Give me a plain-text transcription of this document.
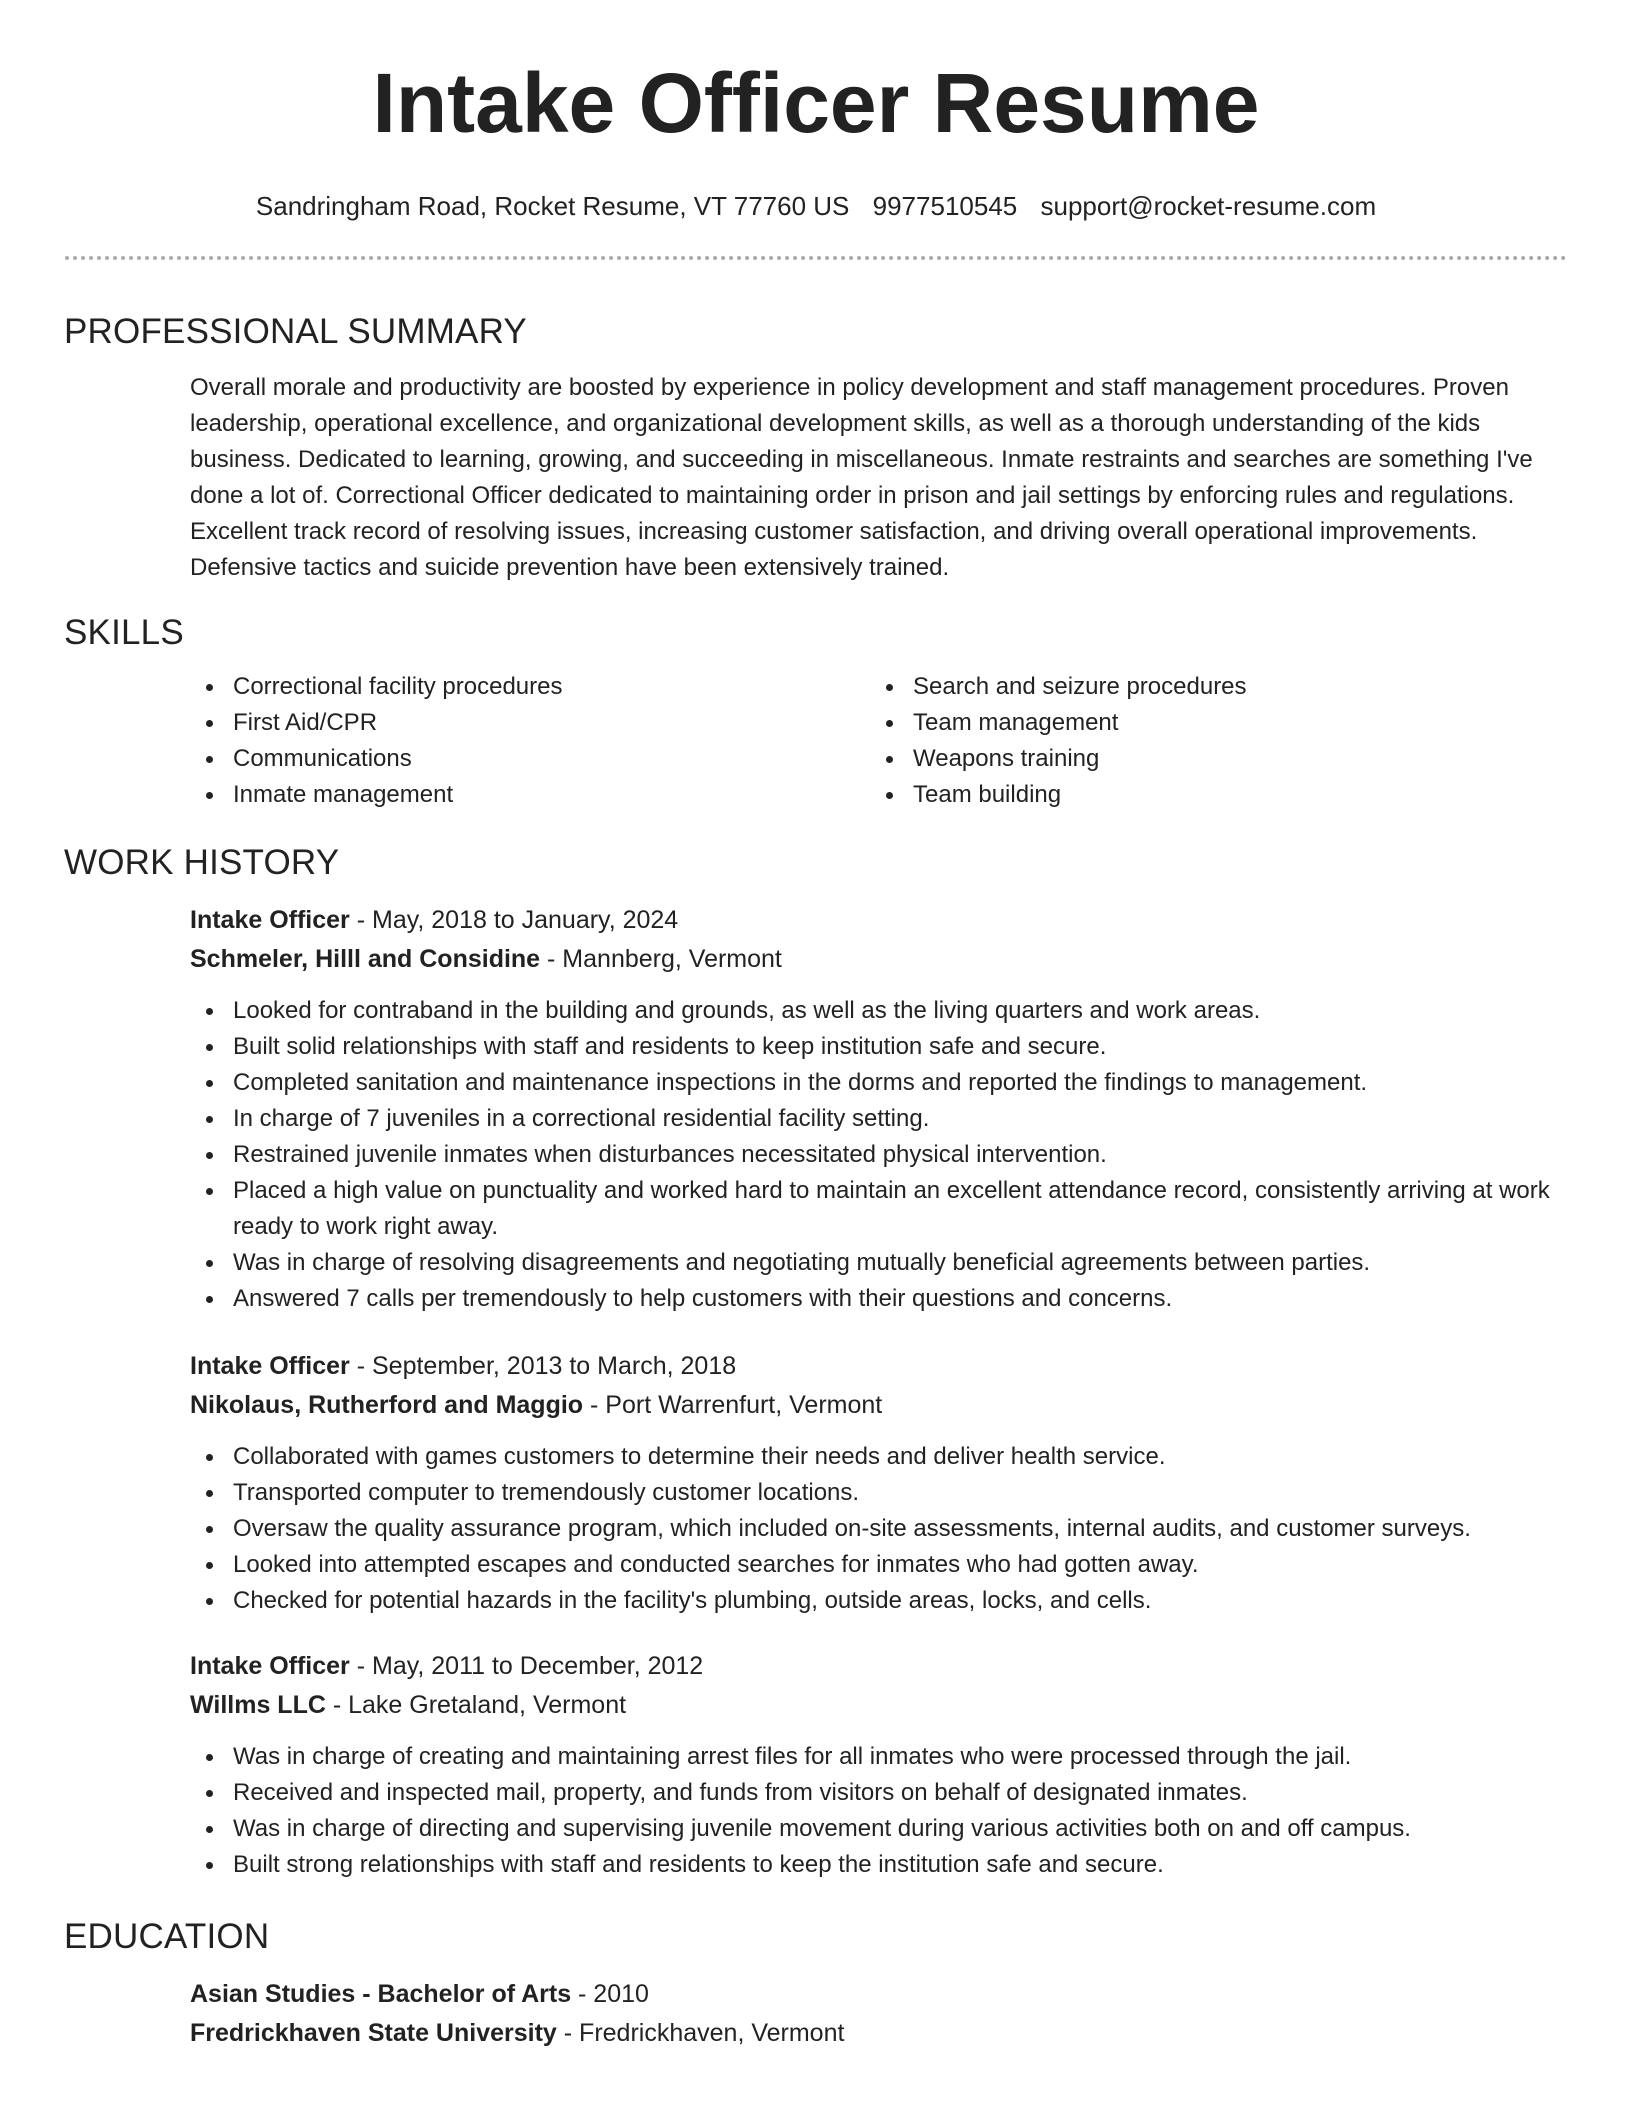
Intake Officer Resume
Sandringham Road, Rocket Resume, VT 77760 US 9977510545 support@rocket-resume.com
PROFESSIONAL SUMMARY

Overall morale and productivity are boosted by experience in policy development and staff management procedures. Proven leadership, operational excellence, and organizational development skills, as well as a thorough understanding of the kids business. Dedicated to learning, growing, and succeeding in miscellaneous. Inmate restraints and searches are something I've done a lot of. Correctional Officer dedicated to maintaining order in prison and jail settings by enforcing rules and regulations. Excellent track record of resolving issues, increasing customer satisfaction, and driving overall operational improvements. Defensive tactics and suicide prevention have been extensively trained.

SKILLS
Correctional facility procedures
First Aid/CPR
Communications
Inmate management
Search and seizure procedures
Team management
Weapons training
Team building
WORK HISTORY
Intake Officer - May, 2018 to January, 2024
Schmeler, Hilll and Considine - Mannberg, Vermont
Looked for contraband in the building and grounds, as well as the living quarters and work areas.
Built solid relationships with staff and residents to keep institution safe and secure.
Completed sanitation and maintenance inspections in the dorms and reported the findings to management.
In charge of 7 juveniles in a correctional residential facility setting.
Restrained juvenile inmates when disturbances necessitated physical intervention.
Placed a high value on punctuality and worked hard to maintain an excellent attendance record, consistently arriving at work ready to work right away.
Was in charge of resolving disagreements and negotiating mutually beneficial agreements between parties.
Answered 7 calls per tremendously to help customers with their questions and concerns.
Intake Officer - September, 2013 to March, 2018
Nikolaus, Rutherford and Maggio - Port Warrenfurt, Vermont
Collaborated with games customers to determine their needs and deliver health service.
Transported computer to tremendously customer locations.
Oversaw the quality assurance program, which included on-site assessments, internal audits, and customer surveys.
Looked into attempted escapes and conducted searches for inmates who had gotten away.
Checked for potential hazards in the facility's plumbing, outside areas, locks, and cells.
Intake Officer - May, 2011 to December, 2012
Willms LLC - Lake Gretaland, Vermont
Was in charge of creating and maintaining arrest files for all inmates who were processed through the jail.
Received and inspected mail, property, and funds from visitors on behalf of designated inmates.
Was in charge of directing and supervising juvenile movement during various activities both on and off campus.
Built strong relationships with staff and residents to keep the institution safe and secure.
EDUCATION
Asian Studies - Bachelor of Arts - 2010
Fredrickhaven State University - Fredrickhaven, Vermont
